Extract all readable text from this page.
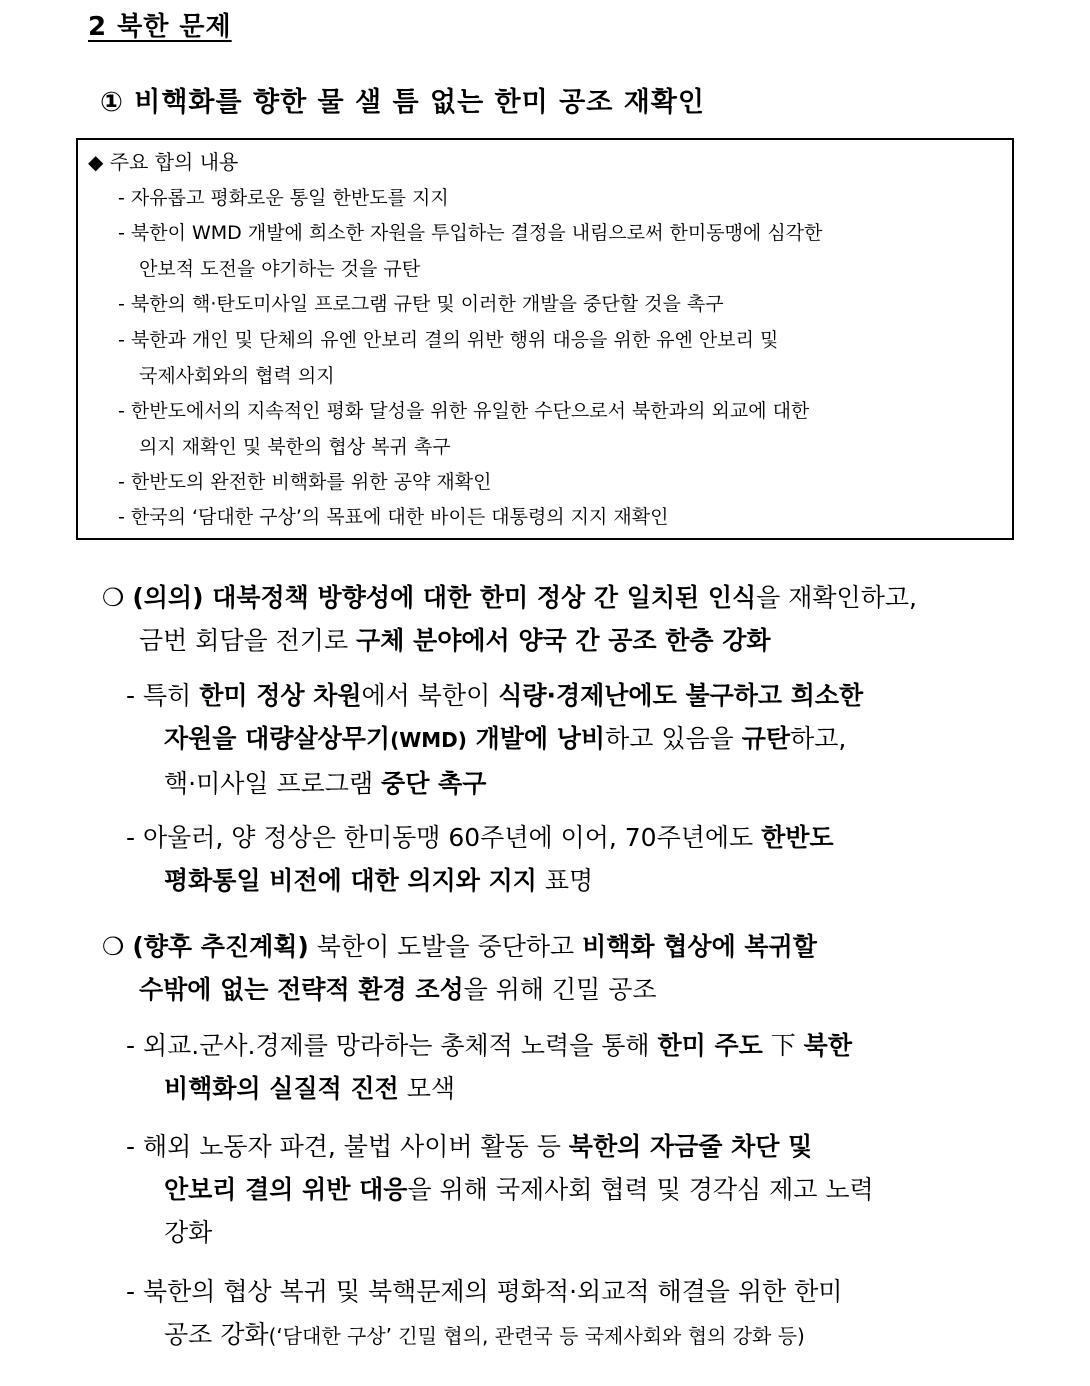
2 북한 문제
① 비핵화를 향한 물 샐 틈 없는 한미 공조 재확인
◆ 주요 합의 내용
- 자유롭고 평화로운 통일 한반도를 지지
- 북한이 WMD 개발에 희소한 자원을 투입하는 결정을 내림으로써 한미동맹에 심각한
안보적 도전을 야기하는 것을 규탄
- 북한의 핵·탄도미사일 프로그램 규탄 및 이러한 개발을 중단할 것을 촉구
- 북한과 개인 및 단체의 유엔 안보리 결의 위반 행위 대응을 위한 유엔 안보리 및
국제사회와의 협력 의지
- 한반도에서의 지속적인 평화 달성을 위한 유일한 수단으로서 북한과의 외교에 대한
의지 재확인 및 북한의 협상 복귀 촉구
- 한반도의 완전한 비핵화를 위한 공약 재확인
- 한국의 ‘담대한 구상’의 목표에 대한 바이든 대통령의 지지 재확인
❍ (의의) 대북정책 방향성에 대한 한미 정상 간 일치된 인식을 재확인하고,
금번 회담을 전기로 구체 분야에서 양국 간 공조 한층 강화
- 특히 한미 정상 차원에서 북한이 식량·경제난에도 불구하고 희소한
자원을 대량살상무기(WMD) 개발에 낭비하고 있음을 규탄하고,
핵·미사일 프로그램 중단 촉구
- 아울러, 양 정상은 한미동맹 60주년에 이어, 70주년에도 한반도
평화통일 비전에 대한 의지와 지지 표명
❍ (향후 추진계획) 북한이 도발을 중단하고 비핵화 협상에 복귀할
수밖에 없는 전략적 환경 조성을 위해 긴밀 공조
- 외교.군사.경제를 망라하는 총체적 노력을 통해 한미 주도 下 북한
비핵화의 실질적 진전 모색
- 해외 노동자 파견, 불법 사이버 활동 등 북한의 자금줄 차단 및
안보리 결의 위반 대응을 위해 국제사회 협력 및 경각심 제고 노력
강화
- 북한의 협상 복귀 및 북핵문제의 평화적·외교적 해결을 위한 한미
공조 강화(‘담대한 구상’ 긴밀 협의, 관련국 등 국제사회와 협의 강화 등)
